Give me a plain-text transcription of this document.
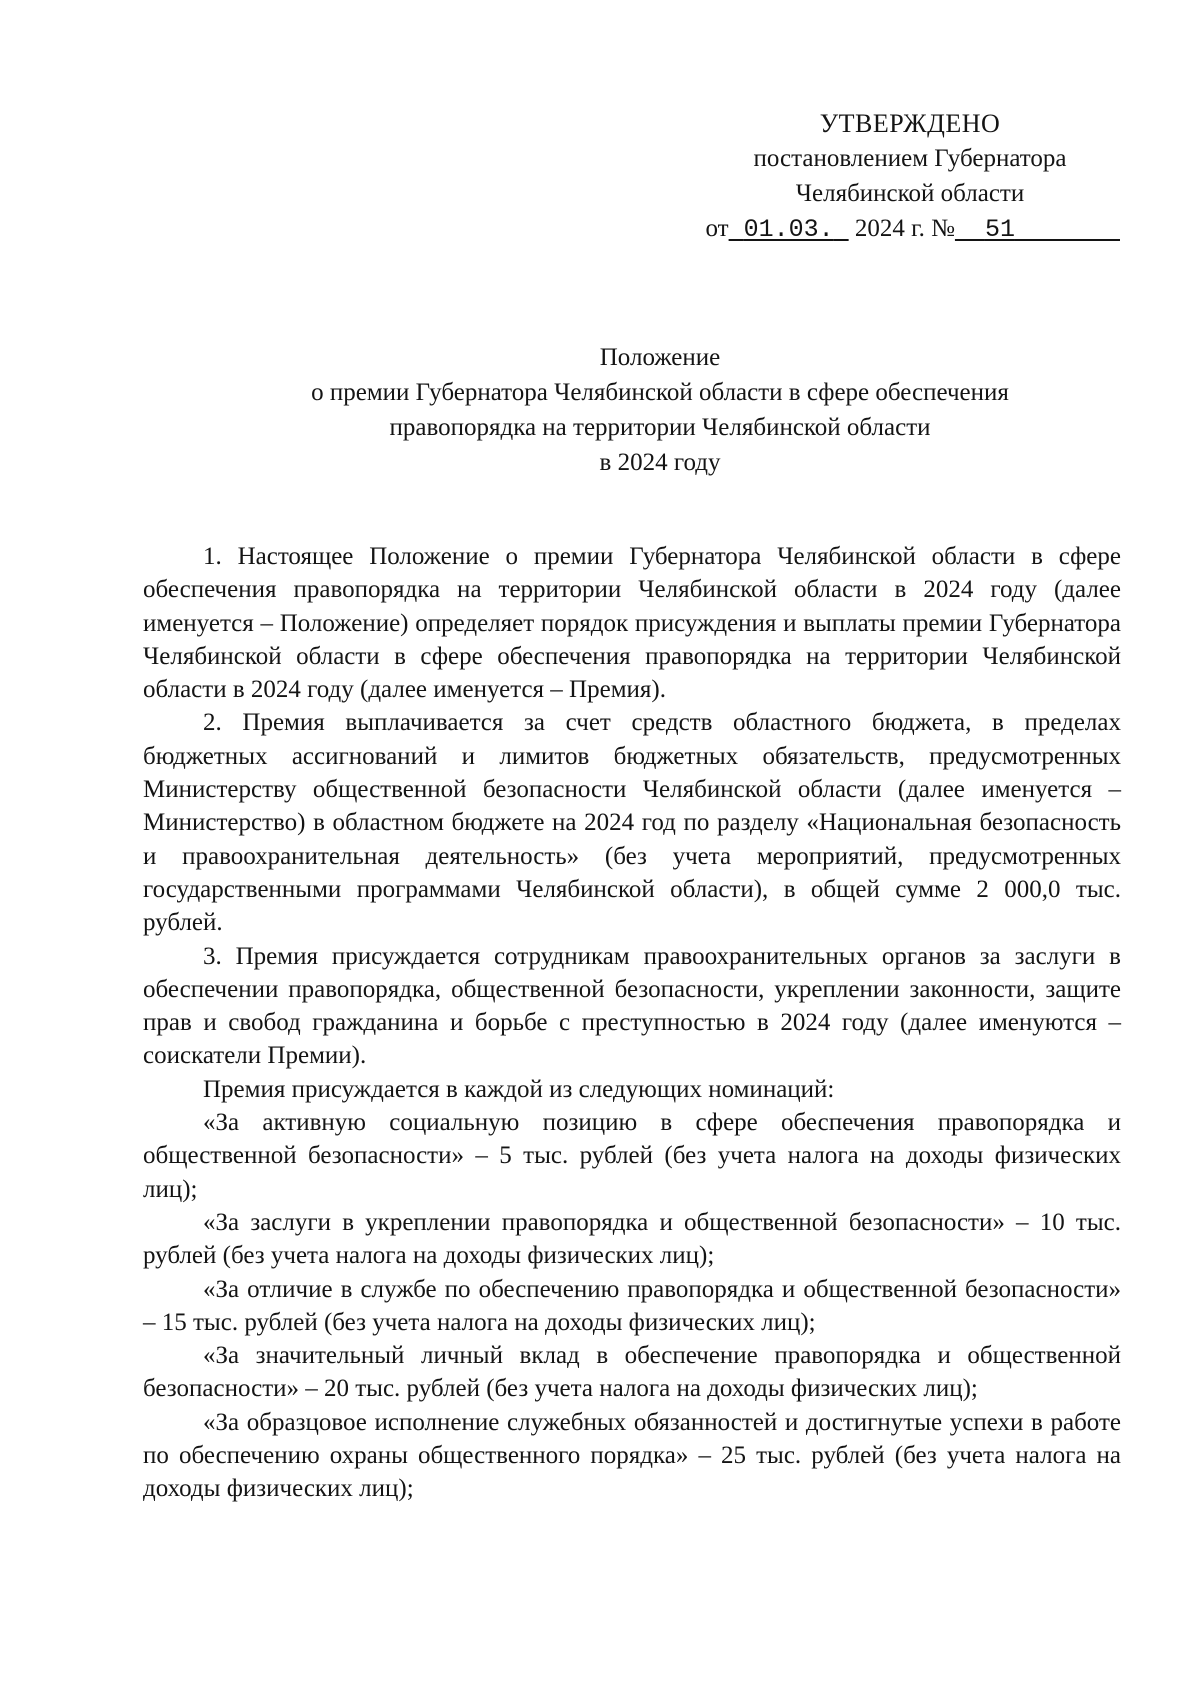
УТВЕРЖДЕНО
постановлением Губернатора
Челябинской области
от 01.03.  2024 г. № 51
Положение
о премии Губернатора Челябинской области в сфере обеспечения
правопорядка на территории Челябинской области
в 2024 году

1. Настоящее Положение о премии Губернатора Челябинской области в сфере обеспечения правопорядка на территории Челябинской области в 2024 году (далее именуется – Положение) определяет порядок присуждения и выплаты премии Губернатора Челябинской области в сфере обеспечения правопорядка на территории Челябинской области в 2024 году (далее именуется – Премия).

2. Премия выплачивается за счет средств областного бюджета, в пределах бюджетных ассигнований и лимитов бюджетных обязательств, предусмотренных Министерству общественной безопасности Челябинской области (далее именуется – Министерство) в областном бюджете на 2024 год по разделу «Национальная безопасность и правоохранительная деятельность» (без учета мероприятий, предусмотренных государственными программами Челябинской области), в общей сумме 2 000,0 тыс. рублей.

3. Премия присуждается сотрудникам правоохранительных органов за заслуги в обеспечении правопорядка, общественной безопасности, укреплении законности, защите прав и свобод гражданина и борьбе с преступностью в 2024 году (далее именуются – соискатели Премии).

Премия присуждается в каждой из следующих номинаций:

«За активную социальную позицию в сфере обеспечения правопорядка и общественной безопасности» – 5 тыс. рублей (без учета налога на доходы физических лиц);

«За заслуги в укреплении правопорядка и общественной безопасности» – 10 тыс. рублей (без учета налога на доходы физических лиц);

«За отличие в службе по обеспечению правопорядка и общественной безопасности» – 15 тыс. рублей (без учета налога на доходы физических лиц);

«За значительный личный вклад в обеспечение правопорядка и общественной безопасности» – 20 тыс. рублей (без учета налога на доходы физических лиц);

«За образцовое исполнение служебных обязанностей и достигнутые успехи в работе по обеспечению охраны общественного порядка» – 25 тыс. рублей (без учета налога на доходы физических лиц);
